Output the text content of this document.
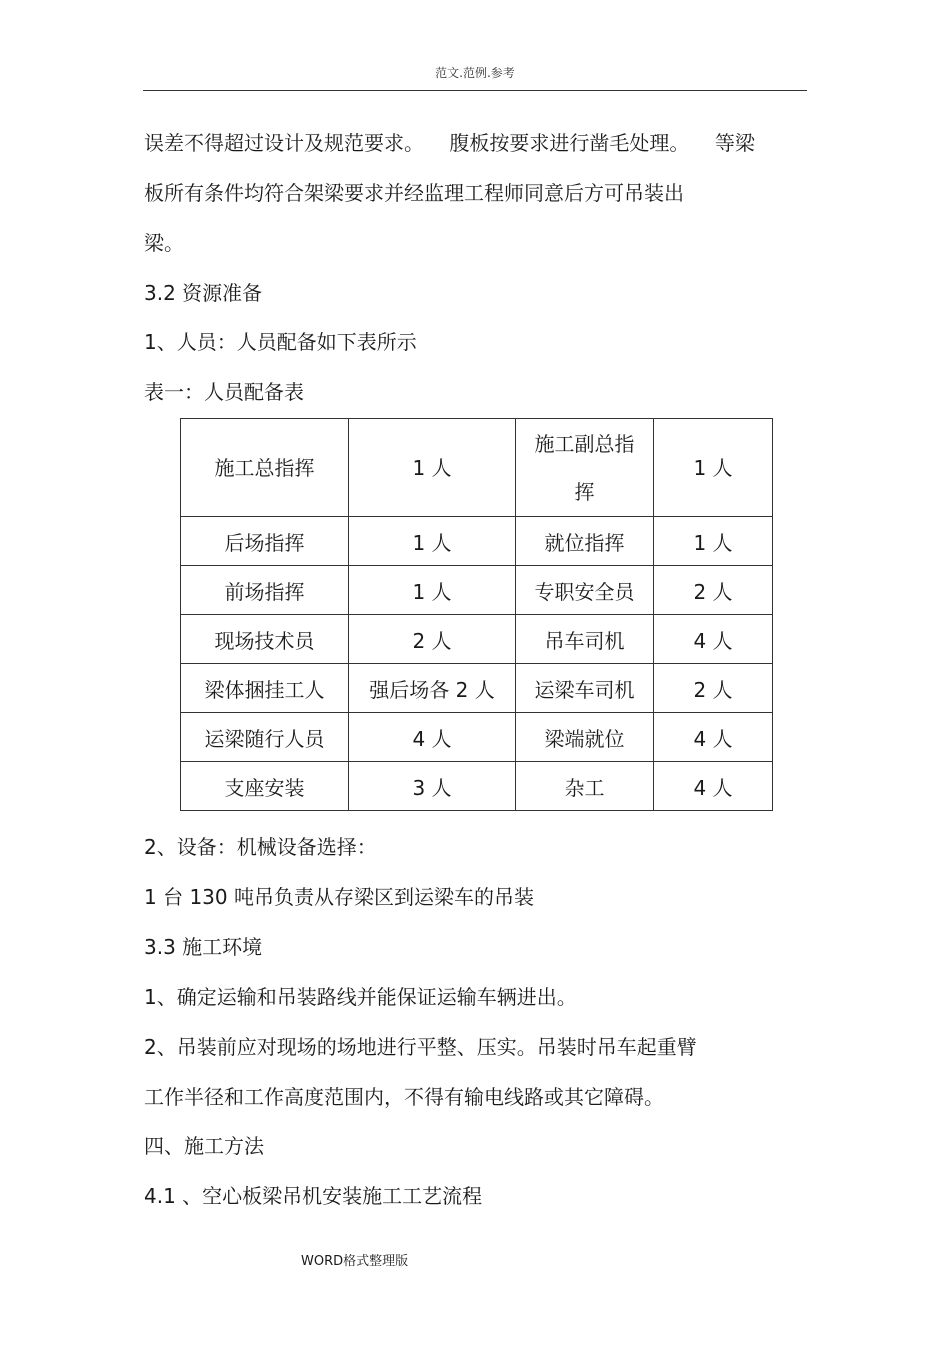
范文.范例.参考
误差不得超过设计及规范要求。    腹板按要求进行凿毛处理。    等梁
板所有条件均符合架梁要求并经监理工程师同意后方可吊装出
梁。
3.2 资源准备
1、人员：人员配备如下表所示
表一：人员配备表
施工总指挥	1 人	施工副总指挥	1 人
后场指挥	1 人	就位指挥	1 人
前场指挥	1 人	专职安全员	2 人
现场技术员	2 人	吊车司机	4 人
梁体捆挂工人	强后场各 2 人	运梁车司机	2 人
运梁随行人员	4 人	梁端就位	4 人
支座安装	3 人	杂工	4 人
2、设备：机械设备选择：
1 台 130 吨吊负责从存梁区到运梁车的吊装
3.3 施工环境
1、确定运输和吊装路线并能保证运输车辆进出。
2、吊装前应对现场的场地进行平整、压实。吊装时吊车起重臂
工作半径和工作高度范围内，不得有输电线路或其它障碍。
四、施工方法
4.1 、空心板梁吊机安装施工工艺流程
WORD格式整理版
